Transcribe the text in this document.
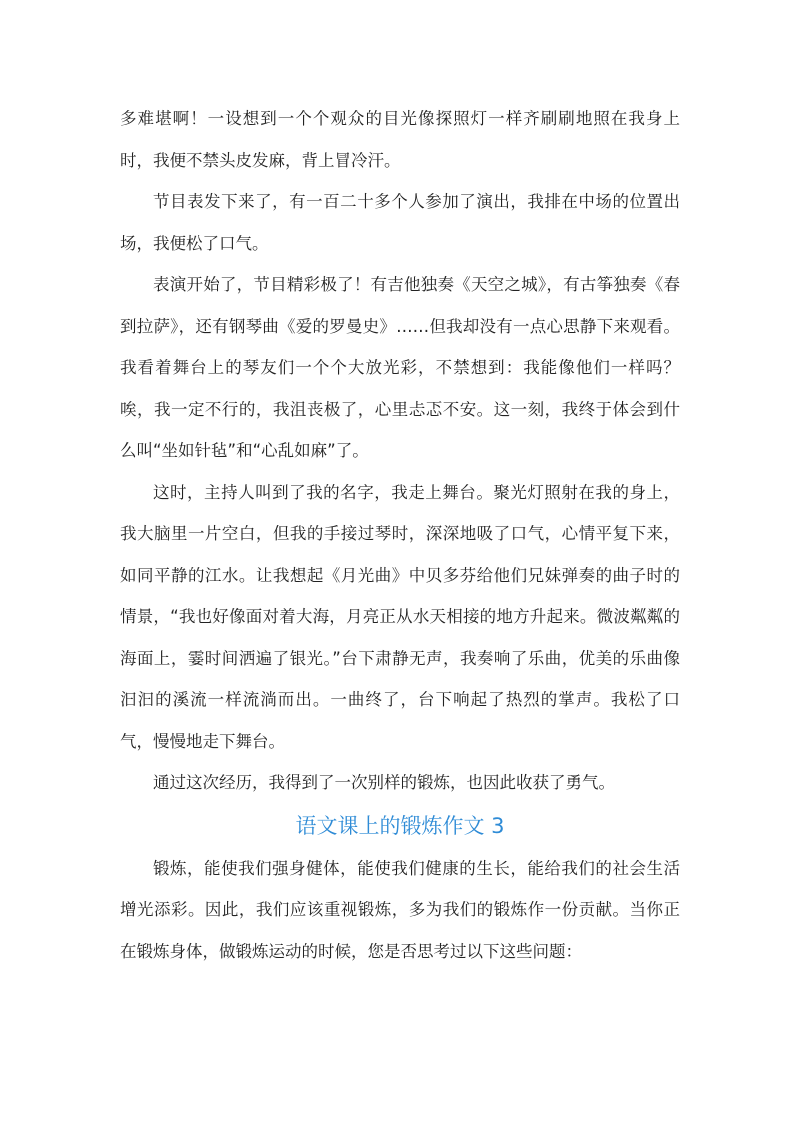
多难堪啊！一设想到一个个观众的目光像探照灯一样齐刷刷地照在我身上时，我便不禁头皮发麻，背上冒冷汗。

节目表发下来了，有一百二十多个人参加了演出，我排在中场的位置出场，我便松了口气。

表演开始了，节目精彩极了！有吉他独奏《天空之城》，有古筝独奏《春到拉萨》，还有钢琴曲《爱的罗曼史》……但我却没有一点心思静下来观看。我看着舞台上的琴友们一个个大放光彩，不禁想到：我能像他们一样吗？唉，我一定不行的，我沮丧极了，心里忐忑不安。这一刻，我终于体会到什么叫“坐如针毡”和“心乱如麻”了。

这时，主持人叫到了我的名字，我走上舞台。聚光灯照射在我的身上，我大脑里一片空白，但我的手接过琴时，深深地吸了口气，心情平复下来，如同平静的江水。让我想起《月光曲》中贝多芬给他们兄妹弹奏的曲子时的情景，“我也好像面对着大海，月亮正从水天相接的地方升起来。微波粼粼的海面上，霎时间洒遍了银光。”台下肃静无声，我奏响了乐曲，优美的乐曲像汩汩的溪流一样流淌而出。一曲终了，台下响起了热烈的掌声。我松了口气，慢慢地走下舞台。

通过这次经历，我得到了一次别样的锻炼，也因此收获了勇气。

语文课上的锻炼作文 3

锻炼，能使我们强身健体，能使我们健康的生长，能给我们的社会生活增光添彩。因此，我们应该重视锻炼，多为我们的锻炼作一份贡献。当你正在锻炼身体，做锻炼运动的时候，您是否思考过以下这些问题：
